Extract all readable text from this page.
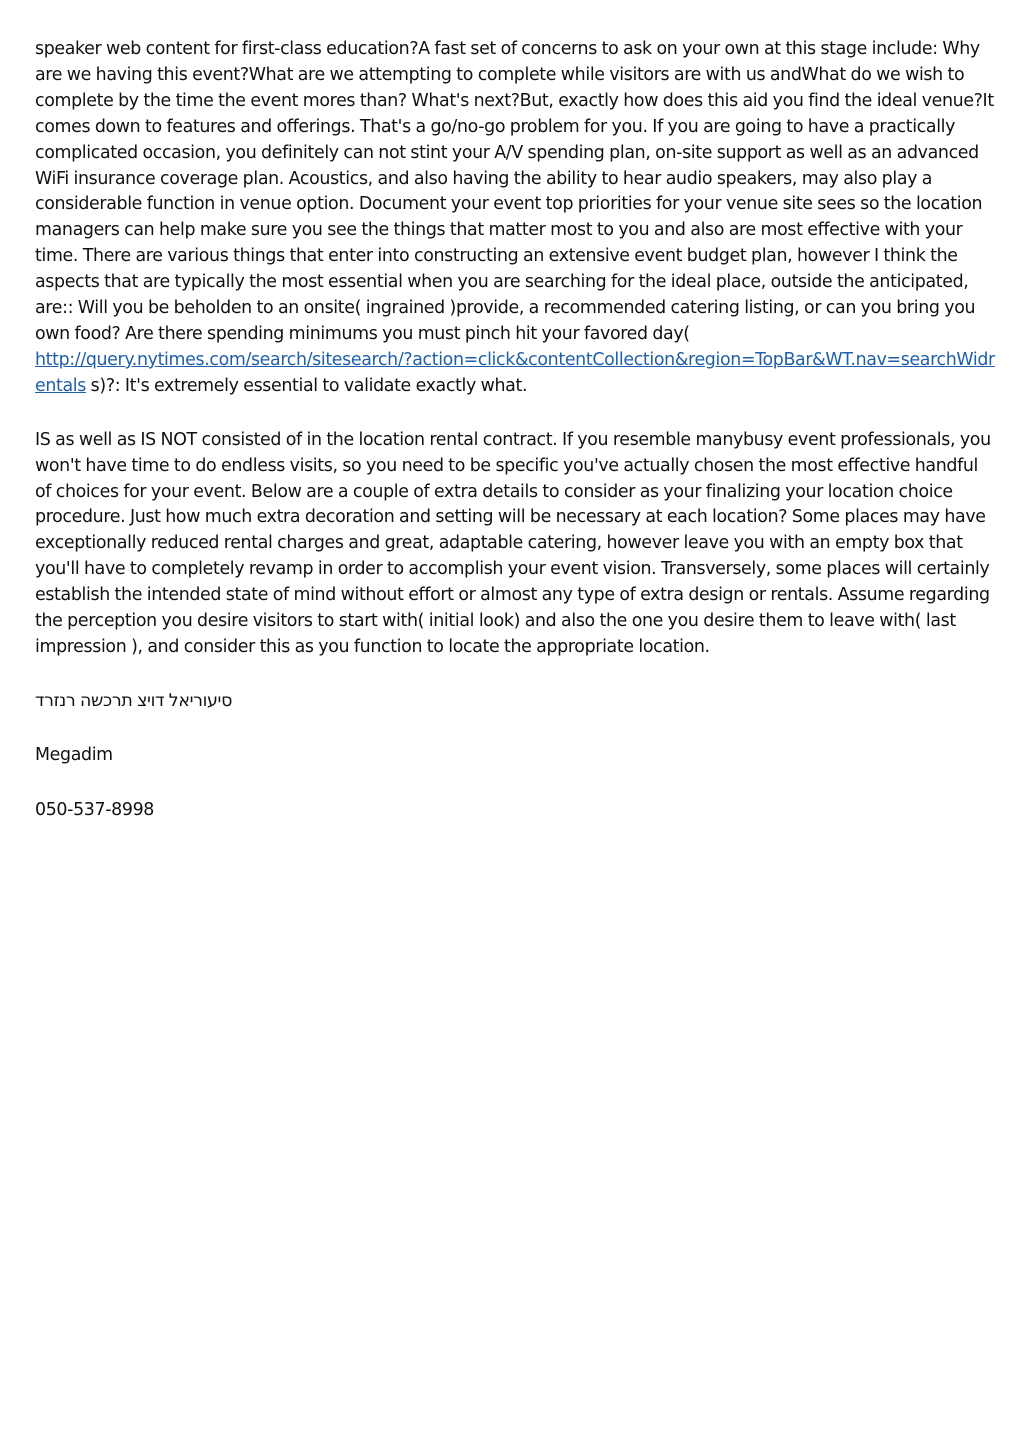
speaker web content for first-class education?A fast set of concerns to ask on your own at this stage include: Why are we having this event?What are we attempting to complete while visitors are with us andWhat do we wish to complete by the time the event mores than? What's next?But, exactly how does this aid you find the ideal venue?It comes down to features and offerings. That's a go/no-go problem for you. If you are going to have a practically complicated occasion, you definitely can not stint your A/V spending plan, on-site support as well as an advanced WiFi insurance coverage plan. Acoustics, and also having the ability to hear audio speakers, may also play a considerable function in venue option. Document your event top priorities for your venue site sees so the location managers can help make sure you see the things that matter most to you and also are most effective with your time. There are various things that enter into constructing an extensive event budget plan, however I think the aspects that are typically the most essential when you are searching for the ideal place, outside the anticipated, are:: Will you be beholden to an onsite( ingrained )provide, a recommended catering listing, or can you bring you own food? Are there spending minimums you must pinch hit your favored day(
http://query.nytimes.com/search/sitesearch/?action=click&contentCollection&region=TopBar&WT.nav=searchWidrentals s)?: It's extremely essential to validate exactly what.

IS as well as IS NOT consisted of in the location rental contract. If you resemble manybusy event professionals, you won't have time to do endless visits, so you need to be specific you've actually chosen the most effective handful of choices for your event. Below are a couple of extra details to consider as your finalizing your location choice procedure. Just how much extra decoration and setting will be necessary at each location? Some places may have exceptionally reduced rental charges and great, adaptable catering, however leave you with an empty box that you'll have to completely revamp in order to accomplish your event vision. Transversely, some places will certainly establish the intended state of mind without effort or almost any type of extra design or rentals. Assume regarding the perception you desire visitors to start with( initial look) and also the one you desire them to leave with( last impression ), and consider this as you function to locate the appropriate location.

סיעוריאל דויצ תרכשה רנזרד

Megadim

050-537-8998
